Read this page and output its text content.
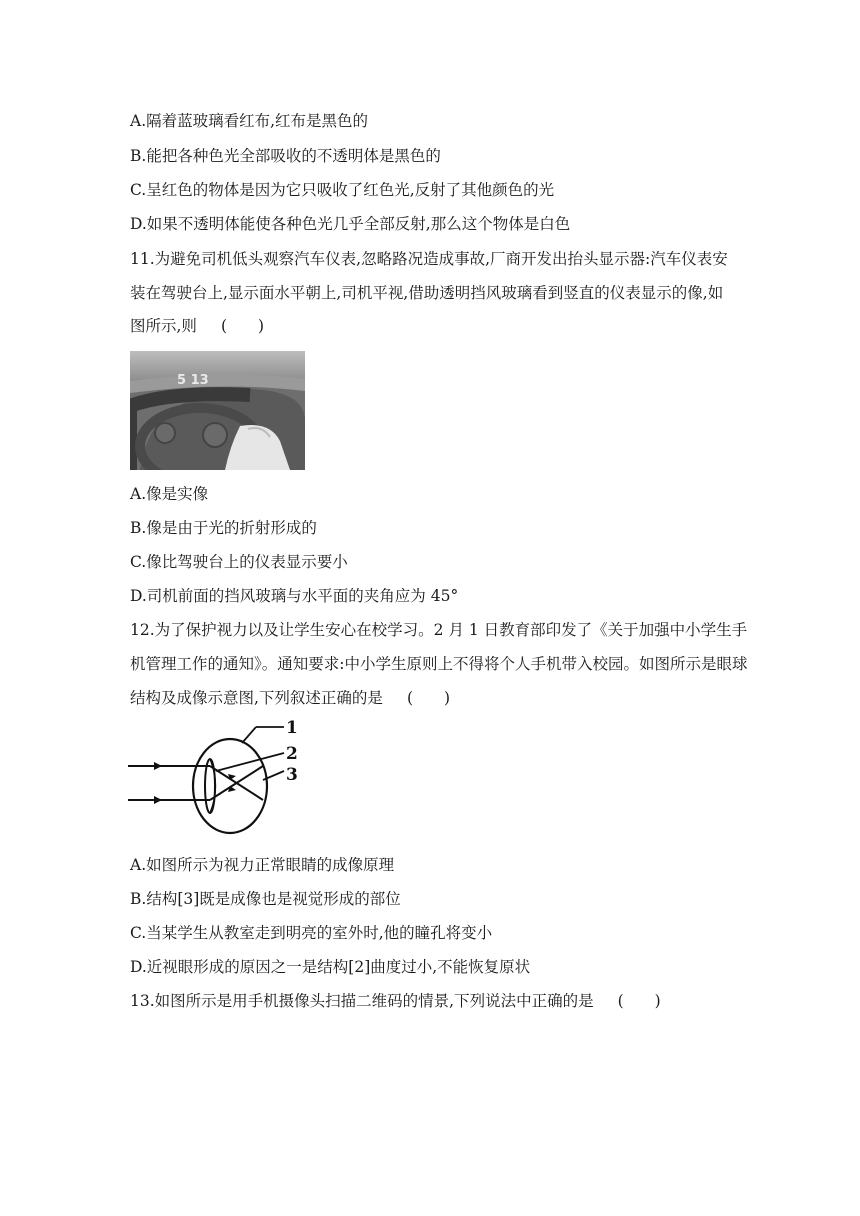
A.隔着蓝玻璃看红布,红布是黑色的

B.能把各种色光全部吸收的不透明体是黑色的

C.呈红色的物体是因为它只吸收了红色光,反射了其他颜色的光

D.如果不透明体能使各种色光几乎全部反射,那么这个物体是白色

11.为避免司机低头观察汽车仪表,忽略路况造成事故,厂商开发出抬头显示器:汽车仪表安

装在驾驶台上,显示面水平朝上,司机平视,借助透明挡风玻璃看到竖直的仪表显示的像,如

图所示,则 (　　)

5 13

A.像是实像

B.像是由于光的折射形成的

C.像比驾驶台上的仪表显示要小

D.司机前面的挡风玻璃与水平面的夹角应为 45°

12.为了保护视力以及让学生安心在校学习。2 月 1 日教育部印发了《关于加强中小学生手

机管理工作的通知》。通知要求:中小学生原则上不得将个人手机带入校园。如图所示是眼球

结构及成像示意图,下列叙述正确的是 (　　)

1
2
3

A.如图所示为视力正常眼睛的成像原理

B.结构[3]既是成像也是视觉形成的部位

C.当某学生从教室走到明亮的室外时,他的瞳孔将变小

D.近视眼形成的原因之一是结构[2]曲度过小,不能恢复原状

13.如图所示是用手机摄像头扫描二维码的情景,下列说法中正确的是 (　　)
